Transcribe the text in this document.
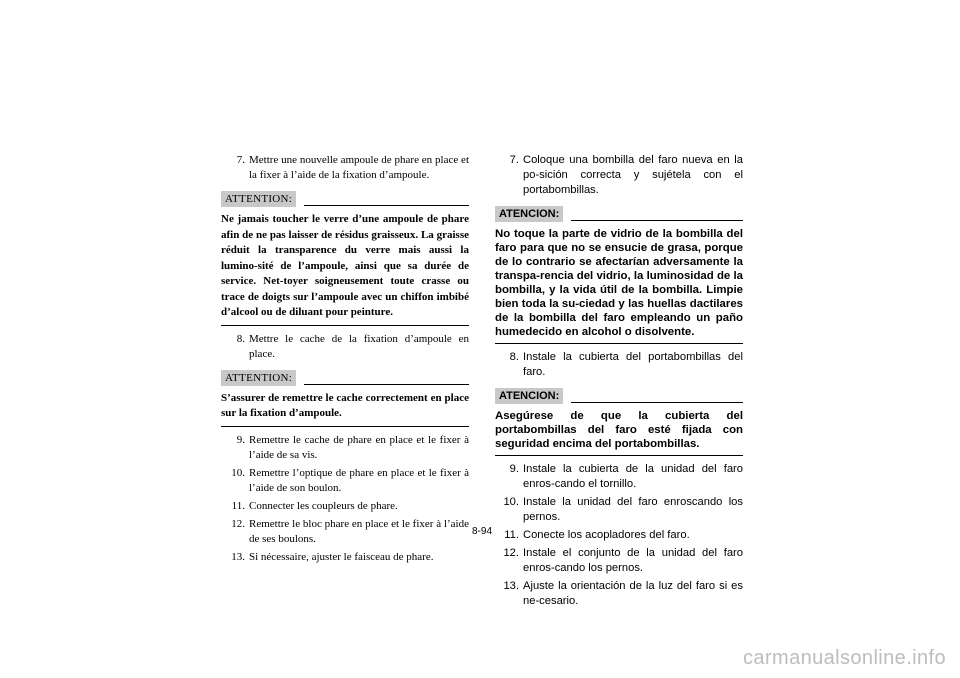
7. Mettre une nouvelle ampoule de phare en place et la fixer à l’aide de la fixation d’ampoule.
ATTENTION:
Ne jamais toucher le verre d’une ampoule de phare afin de ne pas laisser de résidus graisseux. La graisse réduit la transparence du verre mais aussi la lumino-sité de l’ampoule, ainsi que sa durée de service. Net-toyer soigneusement toute crasse ou trace de doigts sur l’ampoule avec un chiffon imbibé d’alcool ou de diluant pour peinture.
8. Mettre le cache de la fixation d’ampoule en place.
ATTENTION:
S’assurer de remettre le cache correctement en place sur la fixation d’ampoule.
9. Remettre le cache de phare en place et le fixer à l’aide de sa vis.
10. Remettre l’optique de phare en place et le fixer à l’aide de son boulon.
11. Connecter les coupleurs de phare.
12. Remettre le bloc phare en place et le fixer à l’aide de ses boulons.
13. Si nécessaire, ajuster le faisceau de phare.
7. Coloque una bombilla del faro nueva en la po-sición correcta y sujétela con el portabombillas.
ATENCION:
No toque la parte de vidrio de la bombilla del faro para que no se ensucie de grasa, porque de lo contrario se afectarían adversamente la transpa-rencia del vidrio, la luminosidad de la bombilla, y la vida útil de la bombilla. Limpie bien toda la su-ciedad y las huellas dactilares de la bombilla del faro empleando un paño humedecido en alcohol o disolvente.
8. Instale la cubierta del portabombillas del faro.
ATENCION:
Asegúrese de que la cubierta del portabombillas del faro esté fijada con seguridad encima del portabombillas.
9. Instale la cubierta de la unidad del faro enros-cando el tornillo.
10. Instale la unidad del faro enroscando los pernos.
11. Conecte los acopladores del faro.
12. Instale el conjunto de la unidad del faro enros-cando los pernos.
13. Ajuste la orientación de la luz del faro si es ne-cesario.
8-94
carmanualsonline.info
